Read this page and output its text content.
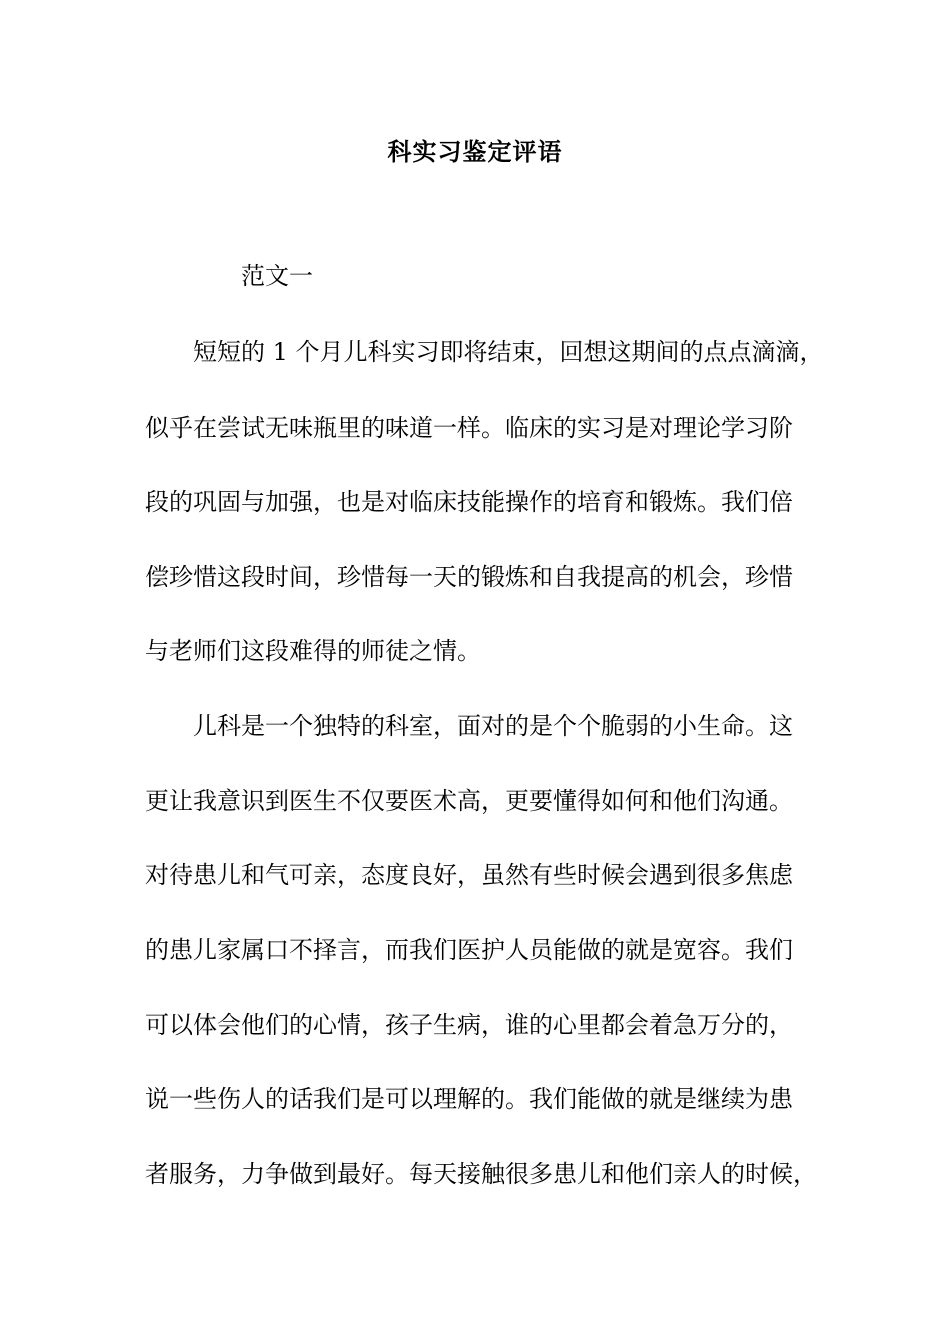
科实习鉴定评语
范文一
短短的 1 个月儿科实习即将结束，回想这期间的点点滴滴，
似乎在尝试无味瓶里的味道一样。临床的实习是对理论学习阶
段的巩固与加强，也是对临床技能操作的培育和锻炼。我们倍
偿珍惜这段时间，珍惜每一天的锻炼和自我提高的机会，珍惜
与老师们这段难得的师徒之情。
儿科是一个独特的科室，面对的是个个脆弱的小生命。这
更让我意识到医生不仅要医术高，更要懂得如何和他们沟通。
对待患儿和气可亲，态度良好，虽然有些时候会遇到很多焦虑
的患儿家属口不择言，而我们医护人员能做的就是宽容。我们
可以体会他们的心情，孩子生病，谁的心里都会着急万分的，
说一些伤人的话我们是可以理解的。我们能做的就是继续为患
者服务，力争做到最好。每天接触很多患儿和他们亲人的时候，
